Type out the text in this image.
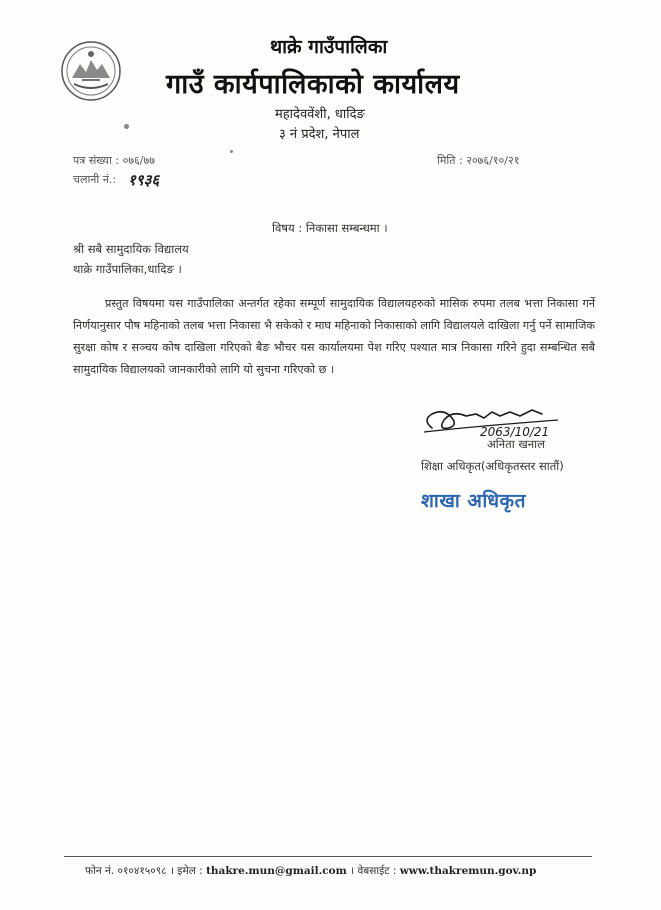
थाक्रे गाउँपालिका
गाउँ कार्यपालिकाको कार्यालय
महादेववेंशी, धादिङ
३ नं प्रदेश, नेपाल
पत्र संख्या : ०७६/७७
चलानी नं.: १९३६
मिति : २०७६/१०/२१
विषय : निकासा सम्बन्धमा ।
श्री सबै सामुदायिक विद्यालय
थाक्रे गाउँपालिका,धादिङ ।
प्रस्तुत विषयमा यस गाउँपालिका अन्तर्गत रहेका सम्पूर्ण सामुदायिक विद्यालयहरुको मासिक रुपमा तलब भत्ता निकासा गर्ने निर्णयानुसार पौष महिनाको तलब भत्ता निकासा भै सकेको र माघ महिनाको निकासाको लागि विद्यालयले दाखिला गर्नु पर्ने सामाजिक सुरक्षा कोष र सञ्चय कोष दाखिला गरिएको बैङ भौचर यस कार्यालयमा पेश गरिए पश्यात मात्र निकासा गरिने हुदा सम्बन्धित सबै सामुदायिक विद्यालयको जानकारीको लागि यो सुचना गरिएको छ ।
2063/10/21
अनिता खनाल
शिक्षा अधिकृत(अधिकृतस्तर सातौं)
शाखा अधिकृत
फोन नं. ०१०४१५०९८ । इमेल : thakre.mun@gmail.com । वेबसाईट : www.thakremun.gov.np
